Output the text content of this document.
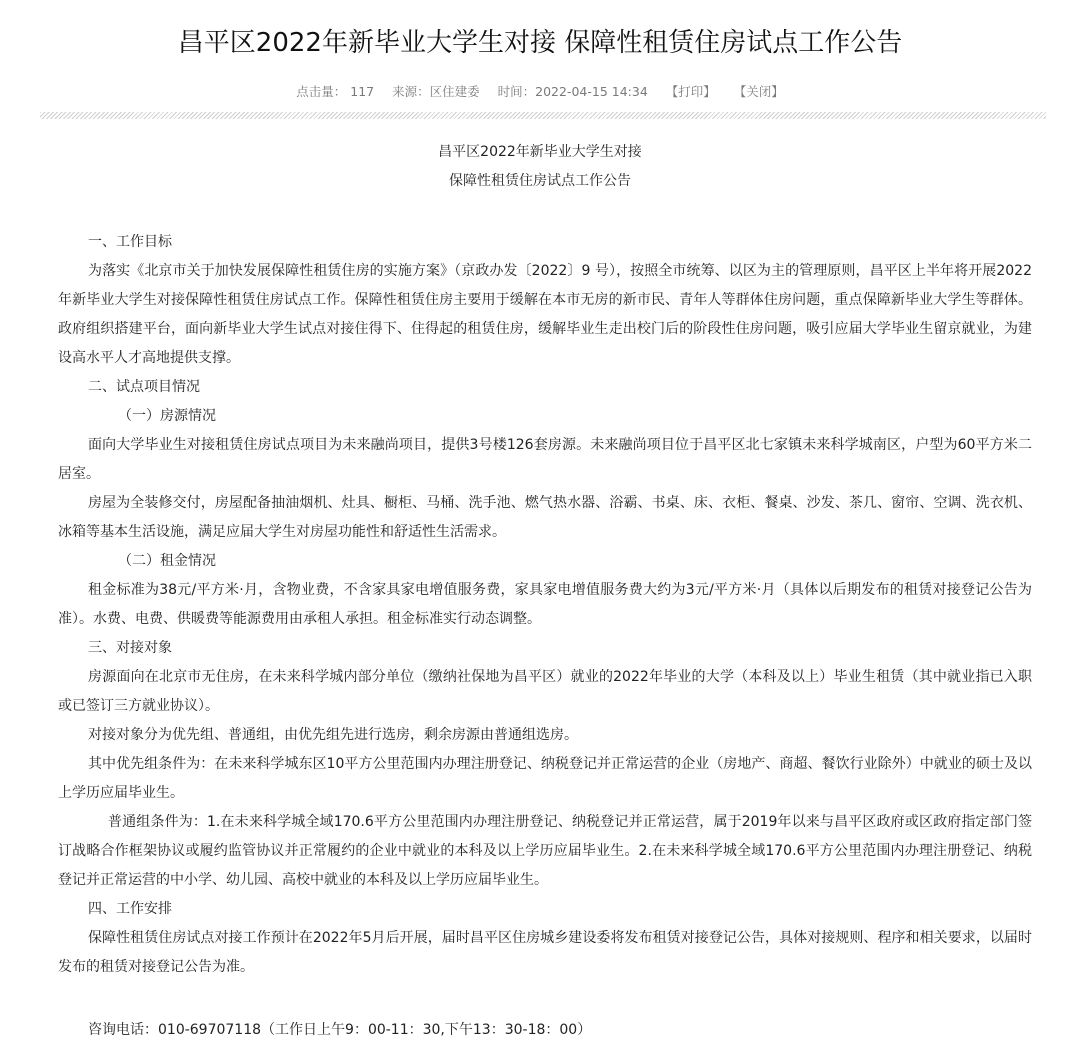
昌平区2022年新毕业大学生对接 保障性租赁住房试点工作公告
点击量： 117 来源：区住建委 时间：2022-04-15 14:34 【打印】 【关闭】
昌平区2022年新毕业大学生对接
保障性租赁住房试点工作公告

一、工作目标

为落实《北京市关于加快发展保障性租赁住房的实施方案》（京政办发〔2022〕9 号），按照全市统筹、以区为主的管理原则，昌平区上半年将开展2022年新毕业大学生对接保障性租赁住房试点工作。保障性租赁住房主要用于缓解在本市无房的新市民、青年人等群体住房问题，重点保障新毕业大学生等群体。政府组织搭建平台，面向新毕业大学生试点对接住得下、住得起的租赁住房，缓解毕业生走出校门后的阶段性住房问题，吸引应届大学毕业生留京就业，为建设高水平人才高地提供支撑。

二、试点项目情况

（一）房源情况

面向大学毕业生对接租赁住房试点项目为未来融尚项目，提供3号楼126套房源。未来融尚项目位于昌平区北七家镇未来科学城南区，户型为60平方米二居室。

房屋为全装修交付，房屋配备抽油烟机、灶具、橱柜、马桶、洗手池、燃气热水器、浴霸、书桌、床、衣柜、餐桌、沙发、茶几、窗帘、空调、洗衣机、冰箱等基本生活设施，满足应届大学生对房屋功能性和舒适性生活需求。

（二）租金情况

租金标准为38元/平方米·月，含物业费，不含家具家电增值服务费，家具家电增值服务费大约为3元/平方米·月（具体以后期发布的租赁对接登记公告为准）。水费、电费、供暖费等能源费用由承租人承担。租金标准实行动态调整。

三、对接对象

房源面向在北京市无住房，在未来科学城内部分单位（缴纳社保地为昌平区）就业的2022年毕业的大学（本科及以上）毕业生租赁（其中就业指已入职或已签订三方就业协议）。

对接对象分为优先组、普通组，由优先组先进行选房，剩余房源由普通组选房。

其中优先组条件为：在未来科学城东区10平方公里范围内办理注册登记、纳税登记并正常运营的企业（房地产、商超、餐饮行业除外）中就业的硕士及以上学历应届毕业生。

普通组条件为：1.在未来科学城全域170.6平方公里范围内办理注册登记、纳税登记并正常运营，属于2019年以来与昌平区政府或区政府指定部门签订战略合作框架协议或履约监管协议并正常履约的企业中就业的本科及以上学历应届毕业生。2.在未来科学城全域170.6平方公里范围内办理注册登记、纳税登记并正常运营的中小学、幼儿园、高校中就业的本科及以上学历应届毕业生。

四、工作安排

保障性租赁住房试点对接工作预计在2022年5月后开展，届时昌平区住房城乡建设委将发布租赁对接登记公告，具体对接规则、程序和相关要求，以届时发布的租赁对接登记公告为准。

咨询电话：010-69707118（工作日上午9：00-11：30,下午13：30-18：00）
